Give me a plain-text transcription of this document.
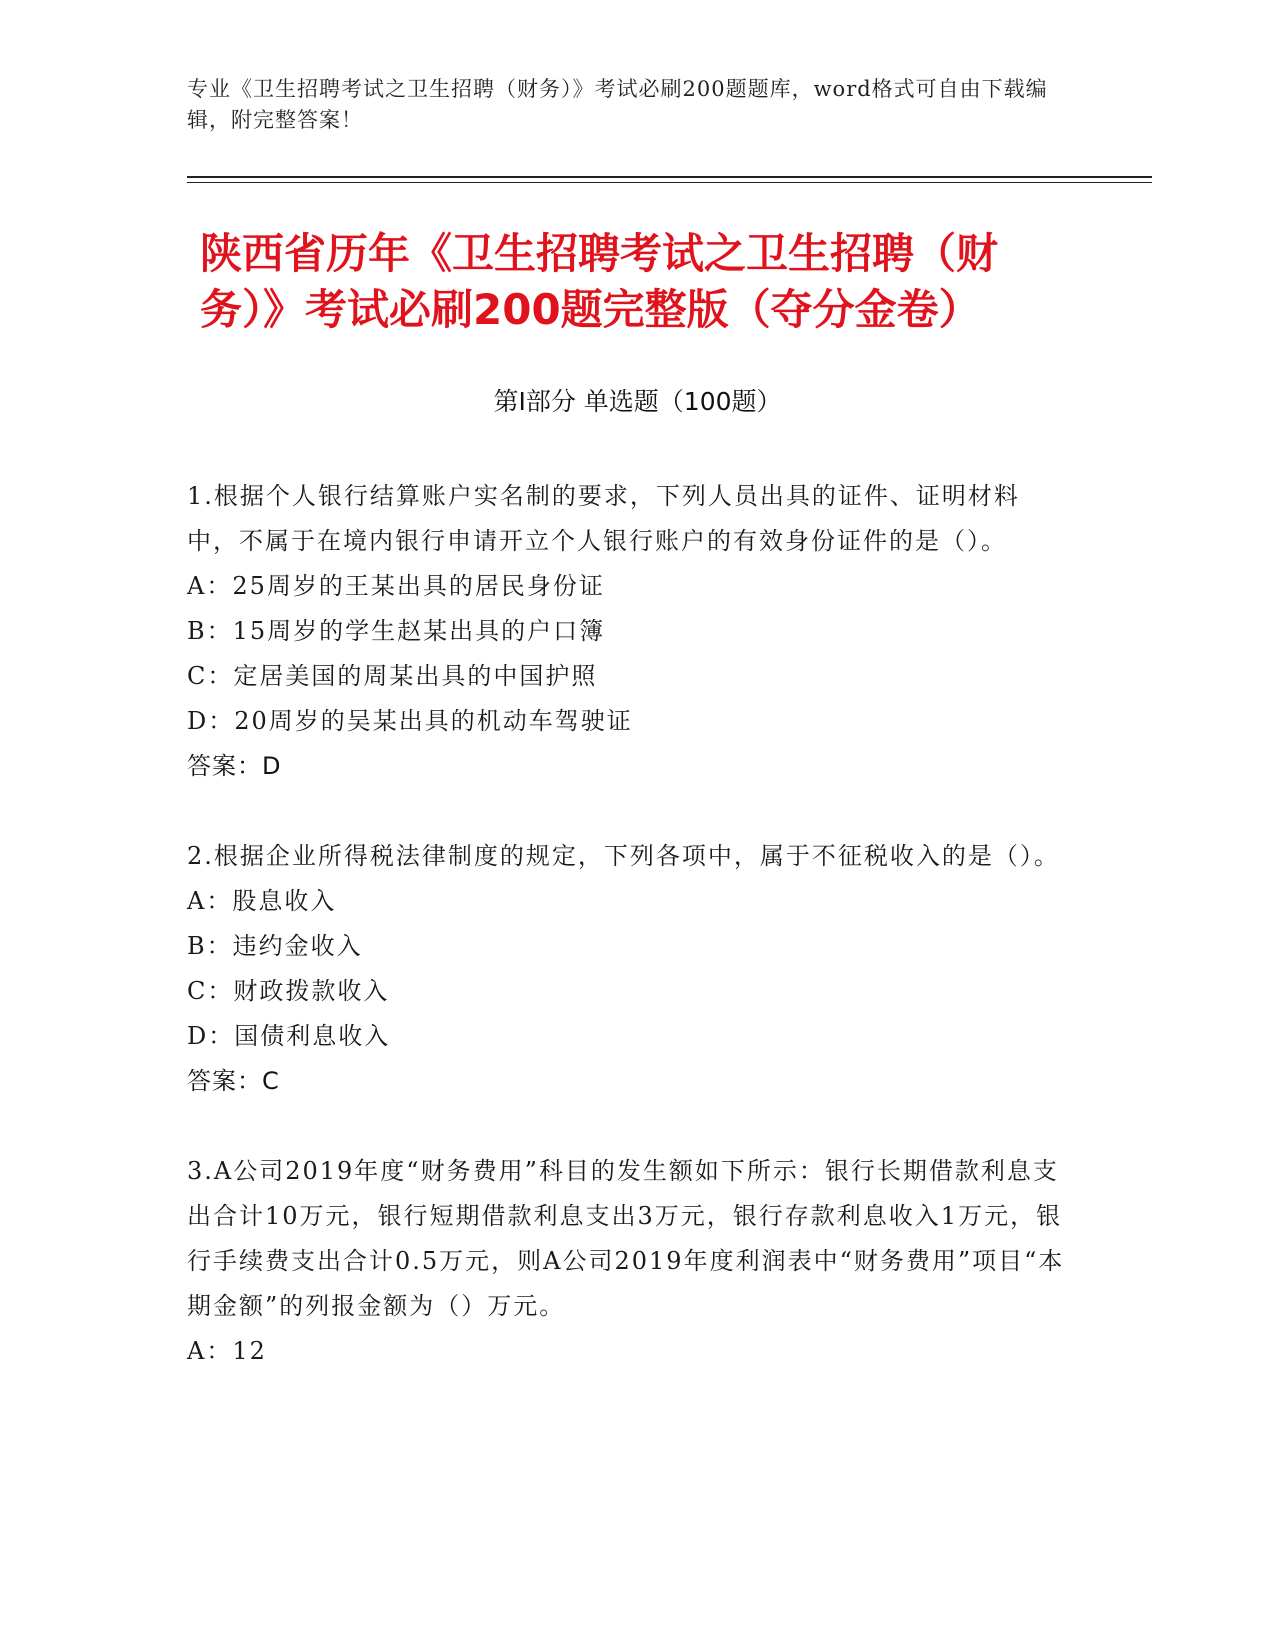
专业《卫生招聘考试之卫生招聘（财务）》考试必刷200题题库，word格式可自由下载编辑，附完整答案！
陕西省历年《卫生招聘考试之卫生招聘（财务）》考试必刷200题完整版（夺分金卷）
第Ⅰ部分 单选题（100题）
1.根据个人银行结算账户实名制的要求，下列人员出具的证件、证明材料中，不属于在境内银行申请开立个人银行账户的有效身份证件的是（）。
A：25周岁的王某出具的居民身份证
B：15周岁的学生赵某出具的户口簿
C：定居美国的周某出具的中国护照
D：20周岁的吴某出具的机动车驾驶证
答案：D
2.根据企业所得税法律制度的规定，下列各项中，属于不征税收入的是（）。
A：股息收入
B：违约金收入
C：财政拨款收入
D：国债利息收入
答案：C
3.A公司2019年度“财务费用”科目的发生额如下所示：银行长期借款利息支出合计10万元，银行短期借款利息支出3万元，银行存款利息收入1万元，银行手续费支出合计0.5万元，则A公司2019年度利润表中“财务费用”项目“本期金额”的列报金额为（）万元。
A：12
